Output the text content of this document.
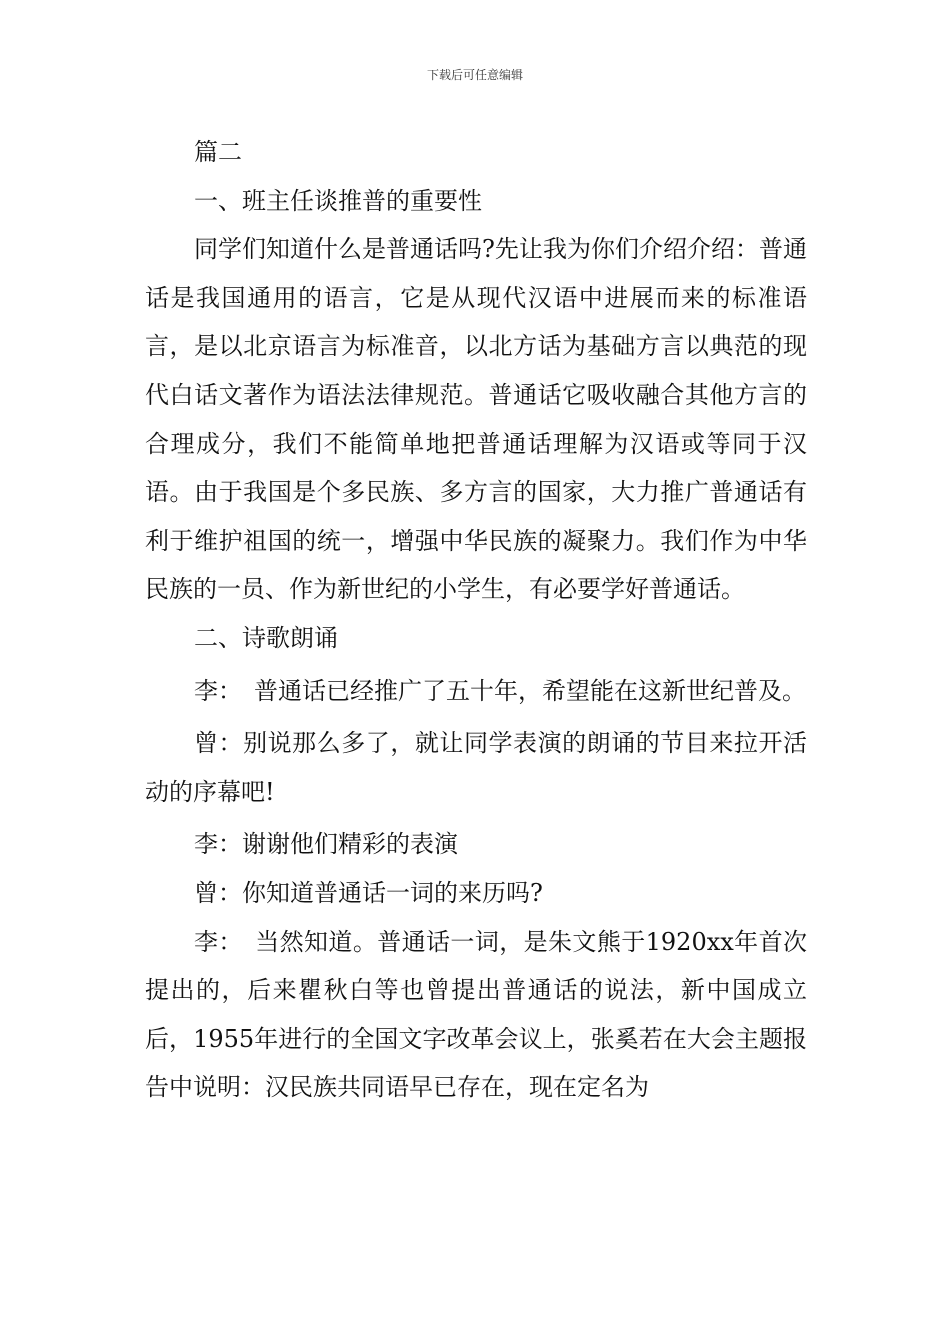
下载后可任意编辑

篇二

一、班主任谈推普的重要性

同学们知道什么是普通话吗?先让我为你们介绍介绍：普通话是我国通用的语言，它是从现代汉语中进展而来的标准语言，是以北京语言为标准音，以北方话为基础方言以典范的现代白话文著作为语法法律规范。普通话它吸收融合其他方言的合理成分，我们不能简单地把普通话理解为汉语或等同于汉语。由于我国是个多民族、多方言的国家，大力推广普通话有利于维护祖国的统一，增强中华民族的凝聚力。我们作为中华民族的一员、作为新世纪的小学生，有必要学好普通话。

二、诗歌朗诵

李：　普通话已经推广了五十年，希望能在这新世纪普及。

曾：别说那么多了，就让同学表演的朗诵的节目来拉开活动的序幕吧!

李：谢谢他们精彩的表演

曾：你知道普通话一词的来历吗?

李：　当然知道。普通话一词，是朱文熊于1920xx年首次提出的，后来瞿秋白等也曾提出普通话的说法，新中国成立后，1955年进行的全国文字改革会议上，张奚若在大会主题报告中说明：汉民族共同语早已存在，现在定名为
